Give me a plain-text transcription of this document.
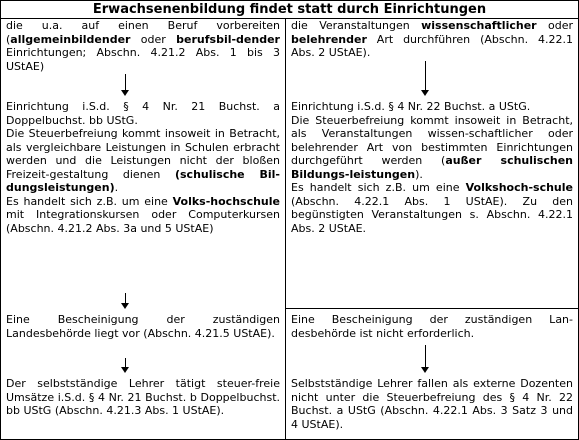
Erwachsenenbildung findet statt durch Einrichtungen

die u.a. auf einen Beruf vorbereiten (allgemeinbildender oder berufsbil-dender Einrichtungen; Abschn. 4.21.2 Abs. 1 bis 3 UStAE)

Einrichtung i.S.d. § 4 Nr. 21 Buchst. a Doppelbuchst. bb UStG.

Die Steuerbefreiung kommt insoweit in Betracht, als vergleichbare Leistungen in Schulen erbracht werden und die Leistungen nicht der bloßen Freizeit-gestaltung dienen (schulische Bil-dungsleistungen).

Es handelt sich z.B. um eine Volks-hochschule mit Integrationskursen oder Computerkursen (Abschn. 4.21.2 Abs. 3a und 5 UStAE)

Eine Bescheinigung der zuständigen Landesbehörde liegt vor (Abschn. 4.21.5 UStAE).

Der selbstständige Lehrer tätigt steuer-freie Umsätze i.S.d. § 4 Nr. 21 Buchst. b Doppelbuchst. bb UStG (Abschn. 4.21.3 Abs. 1 UStAE).

die Veranstaltungen wissenschaftlicher oder belehrender Art durchführen (Abschn. 4.22.1 Abs. 2 UStAE).

Einrichtung i.S.d. § 4 Nr. 22 Buchst. a UStG.

Die Steuerbefreiung kommt insoweit in Betracht, als Veranstaltungen wissen-schaftlicher oder belehrender Art von bestimmten Einrichtungen durchgeführt werden (außer schulischen Bildungs-leistungen).

Es handelt sich z.B. um eine Volkshoch-schule (Abschn. 4.22.1 Abs. 1 UStAE). Zu den begünstigten Veranstaltungen s. Abschn. 4.22.1 Abs. 2 UStAE.

Eine Bescheinigung der zuständigen Lan-desbehörde ist nicht erforderlich.

Selbstständige Lehrer fallen als externe Dozenten nicht unter die Steuerbefreiung des § 4 Nr. 22 Buchst. a UStG (Abschn. 4.22.1 Abs. 3 Satz 3 und 4 UStAE).
